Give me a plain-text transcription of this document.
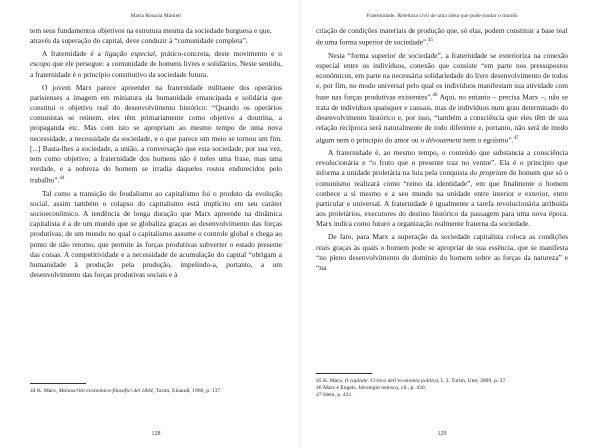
Maria Rosaria Manieri

tem seus fundamentos objetivos na estrutura mesma da sociedade burguesa e que, através da superação do capital, deve conduzir à “comunidade completa”.

A fraternidade é a ligação especial, prático-concreta, deste movimento e o escopo que ele persegue: a comunidade de homens livres e solidários. Neste sentido, a fraternidade é o princípio constitutivo da sociedade futura.

O jovem Marx parece apreender na fraternidade militante dos operários parisienses a imagem em miniatura da humanidade emancipada e solidária que constitui o objetivo real do desenvolvimento histórico: “Quando os operários comunistas se reúnem, eles têm primariamente como objetivo a doutrina, a propaganda etc. Mas com isto se apropriam ao mesmo tempo de uma nova necessidade, a necessidade da sociedade, e o que parece um meio se tornou um fim. [...] Basta-lhes a sociedade, a união, a conversação que esta sociedade, por sua vez, tem como objetivo; a fraternidade dos homens não é neles uma frase, mas uma verdade, e a nobreza do homem se irradia daqueles rostos endurecidos pelo trabalho”.$^{44}$

Tal como a transição do feudalismo ao capitalismo foi o produto da evolução social, assim também o colapso do capitalismo está implícito em seu caráter socioeconômico. A tendência de longa duração que Marx apreende na dinâmica capitalista é a de um mundo que se globaliza graças ao desenvolvimento das forças produtivas; de um mundo no qual o capitalismo assume o controle global e chega ao ponto de não retorno, que permite às forças produtivas subverter o estado presente das coisas. A competitividade e a necessidade de acumulação do capital “obrigam a humanidade à produção pela produção, impelindo-a, portanto, a um desenvolvimento das forças produtivas sociais e à

44 K. Marx, Manoscritti economico-filosofici del 1844, Turim, Einaudi, 1980, p. 137.

128
Fraternidade. Releitura civil de uma ideia que pode mudar o mundo

criação de condições materiais de produção que, só elas, podem constituir a base real de uma forma superior de sociedade”.$^{45}$

Nesta “forma superior de sociedade”, a fraternidade se exterioriza na conexão especial entre os indivíduos, conexão que consiste “em parte nos pressupostos econômicos, em parte na necessária solidariedade do livre desenvolvimento de todos e, por fim, no modo universal pelo qual os indivíduos manifestam sua atividade com base nas forças produtivas existentes”.$^{46}$ Aqui, no entanto – precisa Marx –, não se trata de indivíduos quaisquer e casuais, mas de indivíduos num grau determinado do desenvolvimento histórico e, por isso, “também a consciência que eles têm de sua relação recíproca será naturalmente de todo diferente e, portanto, não será de modo algum nem o princípio do amor ou o dévouement nem o egoísmo”.$^{47}$

A fraternidade é, ao mesmo tempo, o conteúdo que substancia a consciência revolucionária e “o fruto que o presente traz no ventre”. Ela é o princípio que informa a unidade proletária na luta pela conquista do proprium do homem que só o comunismo realizará como “reino da identidade”, em que finalmente o homem conhece a si mesmo e a seu mundo na unidade entre interior e exterior, entre particular e universal. A fraternidade é igualmente a tarefa revolucionária atribuída aos proletários, executores do destino histórico da passagem para uma nova época. Marx indica como futuro a organização realmente fraterna da sociedade.

De fato, para Marx a superação da sociedade capitalista coloca as condições reais graças às quais o homem pode se apropriar de sua essência, que se manifesta “no pleno desenvolvimento do domínio do homem sobre as forças da natureza” e “na

45 K. Marx, Il capitale. Critica dell’economia politica, I, 3, Turim, Utet, 2009, p. 37.

46 Marx e Engels, Ideologia tedesca, cit., p. 430.

47 Idem, p. 431.

129
